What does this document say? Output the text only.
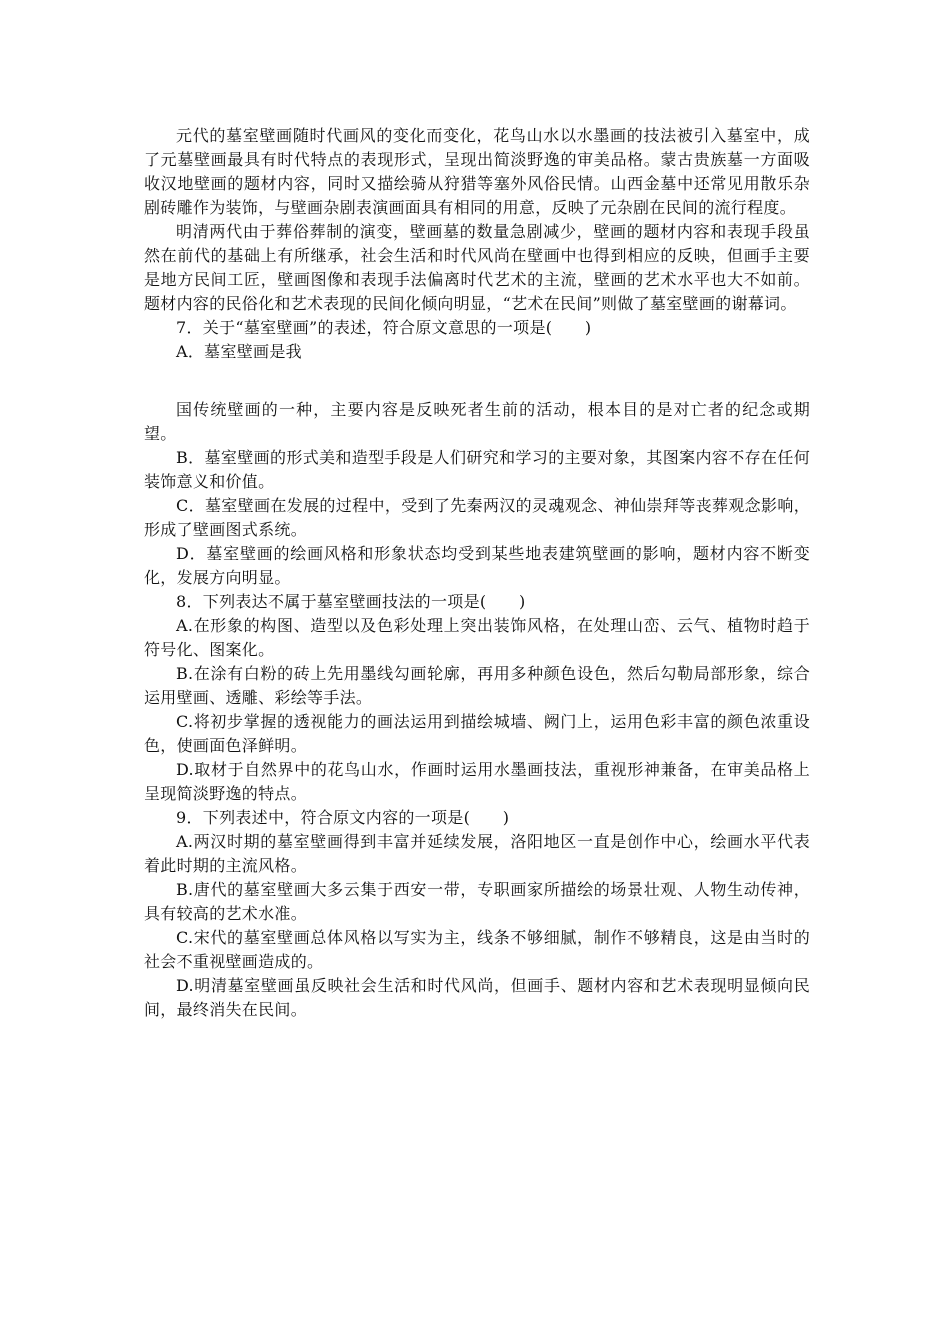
元代的墓室壁画随时代画风的变化而变化，花鸟山水以水墨画的技法被引入墓室中，成了元墓壁画最具有时代特点的表现形式，呈现出简淡野逸的审美品格。蒙古贵族墓一方面吸收汉地壁画的题材内容，同时又描绘骑从狩猎等塞外风俗民情。山西金墓中还常见用散乐杂剧砖雕作为装饰，与壁画杂剧表演画面具有相同的用意，反映了元杂剧在民间的流行程度。

明清两代由于葬俗葬制的演变，壁画墓的数量急剧减少，壁画的题材内容和表现手段虽然在前代的基础上有所继承，社会生活和时代风尚在壁画中也得到相应的反映，但画手主要是地方民间工匠，壁画图像和表现手法偏离时代艺术的主流，壁画的艺术水平也大不如前。题材内容的民俗化和艺术表现的民间化倾向明显，“艺术在民间”则做了墓室壁画的谢幕词。

7．关于“墓室壁画”的表述，符合原文意思的一项是(　　)

A．墓室壁画是我

国传统壁画的一种，主要内容是反映死者生前的活动，根本目的是对亡者的纪念或期望。

B．墓室壁画的形式美和造型手段是人们研究和学习的主要对象，其图案内容不存在任何装饰意义和价值。

C．墓室壁画在发展的过程中，受到了先秦两汉的灵魂观念、神仙崇拜等丧葬观念影响，形成了壁画图式系统。

D．墓室壁画的绘画风格和形象状态均受到某些地表建筑壁画的影响，题材内容不断变化，发展方向明显。

8．下列表达不属于墓室壁画技法的一项是(　　)

A.在形象的构图、造型以及色彩处理上突出装饰风格，在处理山峦、云气、植物时趋于符号化、图案化。

B.在涂有白粉的砖上先用墨线勾画轮廓，再用多种颜色设色，然后勾勒局部形象，综合运用壁画、透雕、彩绘等手法。

C.将初步掌握的透视能力的画法运用到描绘城墙、阙门上，运用色彩丰富的颜色浓重设色，使画面色泽鲜明。

D.取材于自然界中的花鸟山水，作画时运用水墨画技法，重视形神兼备，在审美品格上呈现简淡野逸的特点。

9．下列表述中，符合原文内容的一项是(　　)

A.两汉时期的墓室壁画得到丰富并延续发展，洛阳地区一直是创作中心，绘画水平代表着此时期的主流风格。

B.唐代的墓室壁画大多云集于西安一带，专职画家所描绘的场景壮观、人物生动传神，具有较高的艺术水准。

C.宋代的墓室壁画总体风格以写实为主，线条不够细腻，制作不够精良，这是由当时的社会不重视壁画造成的。

D.明清墓室壁画虽反映社会生活和时代风尚，但画手、题材内容和艺术表现明显倾向民间，最终消失在民间。
